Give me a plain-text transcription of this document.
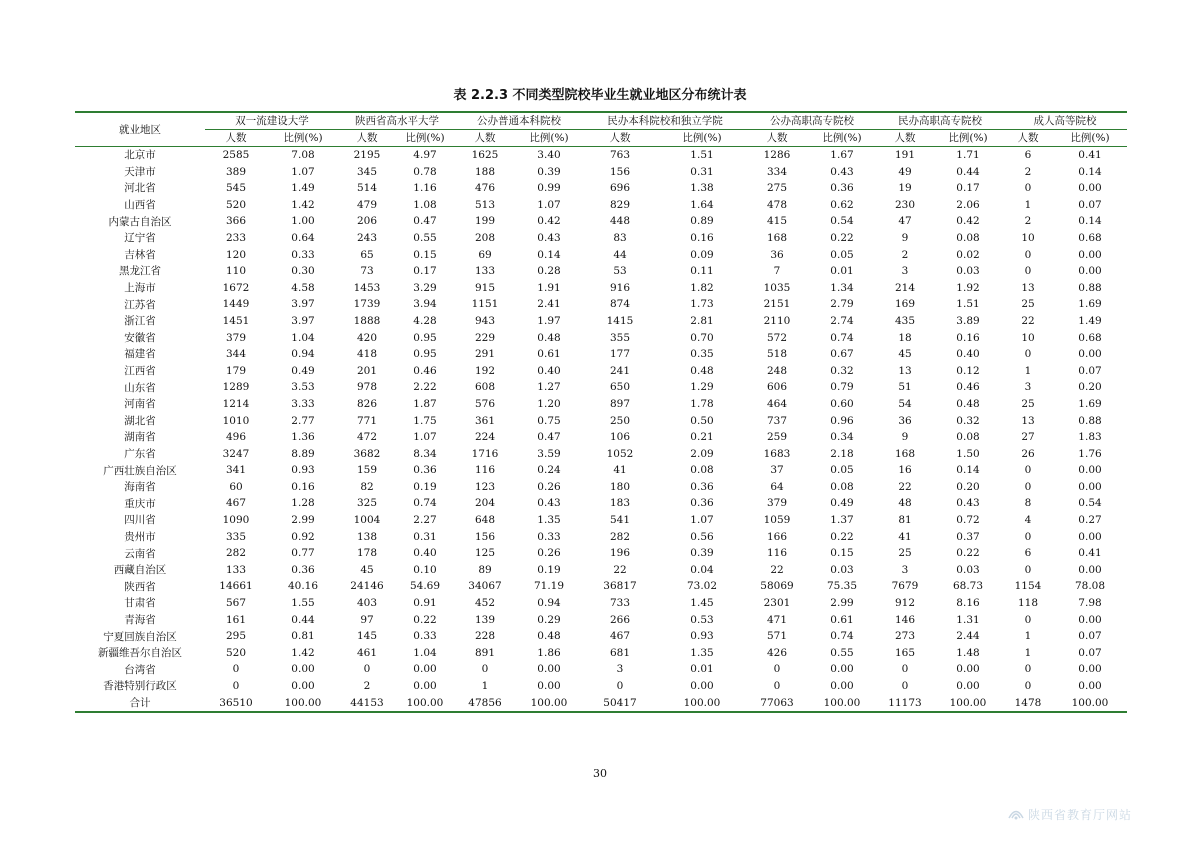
表 2.2.3 不同类型院校毕业生就业地区分布统计表
就业地区	双一流建设大学		陕西省高水平大学		公办普通本科院校		民办本科院校和独立学院		公办高职高专院校		民办高职高专院校		成人高等院校	
	人数	比例(%)	人数	比例(%)	人数	比例(%)	人数	比例(%)	人数	比例(%)	人数	比例(%)	人数	比例(%)
北京市	2585	7.08	2195	4.97	1625	3.40	763	1.51	1286	1.67	191	1.71	6	0.41
天津市	389	1.07	345	0.78	188	0.39	156	0.31	334	0.43	49	0.44	2	0.14
河北省	545	1.49	514	1.16	476	0.99	696	1.38	275	0.36	19	0.17	0	0.00
山西省	520	1.42	479	1.08	513	1.07	829	1.64	478	0.62	230	2.06	1	0.07
内蒙古自治区	366	1.00	206	0.47	199	0.42	448	0.89	415	0.54	47	0.42	2	0.14
辽宁省	233	0.64	243	0.55	208	0.43	83	0.16	168	0.22	9	0.08	10	0.68
吉林省	120	0.33	65	0.15	69	0.14	44	0.09	36	0.05	2	0.02	0	0.00
黑龙江省	110	0.30	73	0.17	133	0.28	53	0.11	7	0.01	3	0.03	0	0.00
上海市	1672	4.58	1453	3.29	915	1.91	916	1.82	1035	1.34	214	1.92	13	0.88
江苏省	1449	3.97	1739	3.94	1151	2.41	874	1.73	2151	2.79	169	1.51	25	1.69
浙江省	1451	3.97	1888	4.28	943	1.97	1415	2.81	2110	2.74	435	3.89	22	1.49
安徽省	379	1.04	420	0.95	229	0.48	355	0.70	572	0.74	18	0.16	10	0.68
福建省	344	0.94	418	0.95	291	0.61	177	0.35	518	0.67	45	0.40	0	0.00
江西省	179	0.49	201	0.46	192	0.40	241	0.48	248	0.32	13	0.12	1	0.07
山东省	1289	3.53	978	2.22	608	1.27	650	1.29	606	0.79	51	0.46	3	0.20
河南省	1214	3.33	826	1.87	576	1.20	897	1.78	464	0.60	54	0.48	25	1.69
湖北省	1010	2.77	771	1.75	361	0.75	250	0.50	737	0.96	36	0.32	13	0.88
湖南省	496	1.36	472	1.07	224	0.47	106	0.21	259	0.34	9	0.08	27	1.83
广东省	3247	8.89	3682	8.34	1716	3.59	1052	2.09	1683	2.18	168	1.50	26	1.76
广西壮族自治区	341	0.93	159	0.36	116	0.24	41	0.08	37	0.05	16	0.14	0	0.00
海南省	60	0.16	82	0.19	123	0.26	180	0.36	64	0.08	22	0.20	0	0.00
重庆市	467	1.28	325	0.74	204	0.43	183	0.36	379	0.49	48	0.43	8	0.54
四川省	1090	2.99	1004	2.27	648	1.35	541	1.07	1059	1.37	81	0.72	4	0.27
贵州市	335	0.92	138	0.31	156	0.33	282	0.56	166	0.22	41	0.37	0	0.00
云南省	282	0.77	178	0.40	125	0.26	196	0.39	116	0.15	25	0.22	6	0.41
西藏自治区	133	0.36	45	0.10	89	0.19	22	0.04	22	0.03	3	0.03	0	0.00
陕西省	14661	40.16	24146	54.69	34067	71.19	36817	73.02	58069	75.35	7679	68.73	1154	78.08
甘肃省	567	1.55	403	0.91	452	0.94	733	1.45	2301	2.99	912	8.16	118	7.98
青海省	161	0.44	97	0.22	139	0.29	266	0.53	471	0.61	146	1.31	0	0.00
宁夏回族自治区	295	0.81	145	0.33	228	0.48	467	0.93	571	0.74	273	2.44	1	0.07
新疆维吾尔自治区	520	1.42	461	1.04	891	1.86	681	1.35	426	0.55	165	1.48	1	0.07
台湾省	0	0.00	0	0.00	0	0.00	3	0.01	0	0.00	0	0.00	0	0.00
香港特别行政区	0	0.00	2	0.00	1	0.00	0	0.00	0	0.00	0	0.00	0	0.00
合计	36510	100.00	44153	100.00	47856	100.00	50417	100.00	77063	100.00	11173	100.00	1478	100.00
30
陕西省教育厅网站
